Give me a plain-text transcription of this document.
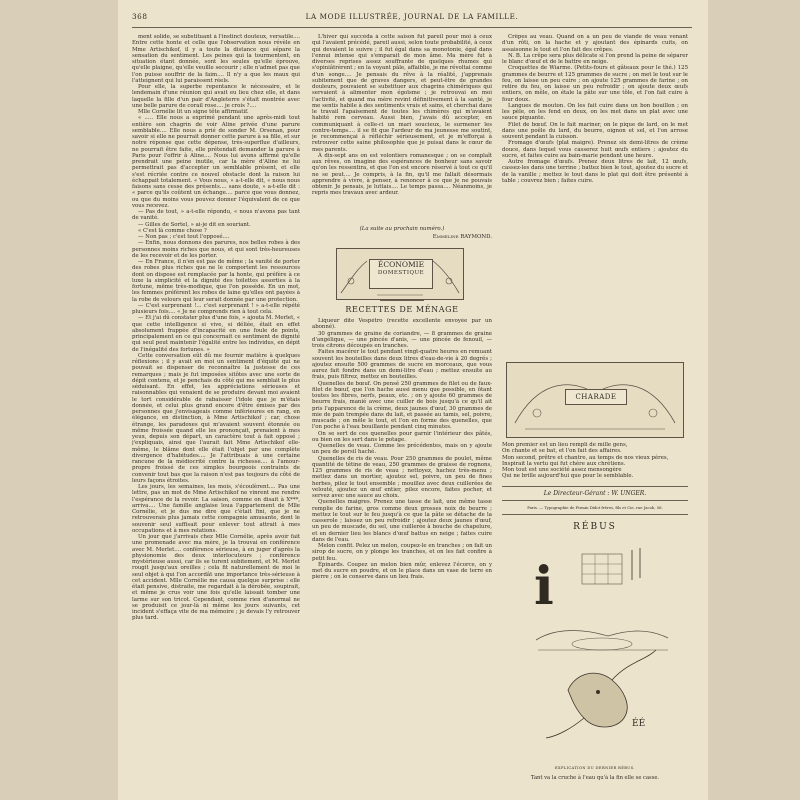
368	LA MODE ILLUSTRÉE, JOURNAL DE LA FAMILLE.

ment solide, se substituant à l'instinct douteux, versatile.... Entre cette honte et celle que l'observation nous révèle en Mme Artischikof, il y a toute la distance qui sépare la sensation du sentiment. Les peines qui la tourmentent, en situation étant donnée, sont les seules qu'elle éprouve, qu'elle plaigne, qu'elle veuille secourir ; elle n'admet pas que l'on puisse souffrir de la faim.... Il n'y a que les maux qui l'atteignent qui lui paraissent réels.

Pour elle, la superbe repentance le nécessaire, et le lendemain d'une réunion qui avait eu lieu chez elle, et dans laquelle la fille d'un pair d'Angleterre s'était montrée avec une belle parure de corail rose.... je crois ?....

Mlle Cornélie lit un signe tête affirmatif.

« ..... Elle nous a exprimé pendant une après-midi tout entière son chagrin de voir Aline privée d'une parure semblable.... Elle nous a prié de sonder M. Orsenan, pour savoir si elle ne pourrait donner cette parure à sa fille, et sur notre réponse que cette dépense, très-superflue d'ailleurs, ne pourrait être faite, elle prétendait demander la parure à Paris pour l'offrir à Aline.... Nous lui avons affirmé qu'elle prendrait une peine inutile, car la mère d'Aline ne lui permettrait pas d'accepter un semblable présent, et elle s'est récriée contre ce nouvel obstacle dont la raison lui échappait totalement. « Vous nous, » a-t-elle dit, « nous nous faisons sans cesse des présents.... sans doute, » a-t-elle dit : « parce qu'ils coûtent un échange.... parce que vous donnez, ou que du moins vous pouvez donner l'équivalent de ce que vous recevez.

— Pas de tout, » a-t-elle répondu, « nous n'avons pas tant de vanité.

— Gilles de Sortel, » ai-je dit en souriant.

« C'est là comme chose ?

— Non pas ; c'est tout l'opposé....

— Enfin, nous donnons des parures, nos belles robes à des personnes moins riches que nous, et qui sont très-heureuses de les recevoir et de les porter.

— En France, il n'en est pas de même ; la vanité de porter des robes plus riches que ne le comportent les ressources dont on dispose est remplacée par la honte, qui préfère à ce luxe la simplicité et la dignité des toilettes assorties à la fortune, même très-modique, que l'on possède. En un mot, les femmes préfèrent les robes de laine qu'elles ont payées à la robe de velours qui leur serait donnée par une protection.

— C'est surprenant !... c'est surprenant ! » a-t-elle répété plusieurs fois.... « Je ne comprends rien à tout cela.

— Et j'ai dû constater plus d'une fois, » ajouta M. Merlet, « que cette intelligence si vive, si déliée, était en effet absolument frappée d'incapacité en une foule de points, principalement en ce qui concernait ce sentiment de dignité qui seul peut maintenir l'égalité entre les individus, en dépit de l'inégalité des fortunes. »

Cette conversation eût dû me fournir matière à quelques réflexions ; il y avait en moi un sentiment d'équité qui ne pouvait se dispenser de reconnaître la justesse de ces remarques ; mais je fut imposées sitôtes avec une sorte de dépit contenu, et je penchais du côté qui me semblait le plus séduisant. En effet, les appréciations sérieuses et raisonnables qui venaient de se produire devant moi avaient le tort considérable de rabaisser l'idole que je m'étais donnée, et celui plus grand encore d'être émises par des personnes que j'envisageais comme inférieures en rang, en élégance, en distinction, à Mme Artischikof ; car, chose étrange, les paradoxes qui m'avaient souvent étonnée ou même froissée quand elle les prononçait, prenaient à mes yeux, depuis son départ, un caractère tout à fait opposé ; j'expliquais, ainsi que l'aurait fait Mme Artischikof elle-même, le blâme dont elle était l'objet par une complète divergence d'habitudes.... Je l'attribuais à une certaine rancune de la médiocrité contre la richesse.... à l'amour-propre froissé de ces simples bourgeois contraints de convenir tout bas que la raison n'est pas toujours du côté de leurs façons étroites.

Les jours, les semaines, les mois, s'écoulèrent.... Pas une lettre, pas un mot de Mme Artischikof ne vinrent me rendre l'espérance de la revoir. La saison, comme on disait à X***, arriva.... Une famille anglaise loua l'appartement de Mlle Cornélie, et je dus me dire que c'était fini, que je ne retrouverais plus jamais cette compagnie amusante, dont le souvenir seul suffisait pour enlever tout attrait à mes occupations et à mes relations.

Un jour que j'arrivais chez Mlle Cornélie, après avoir fait une promenade avec ma mère, je la trouvai en conférence avec M. Merlet.... conférence sérieuse, à en juger d'après la physionomie des deux interlocuteurs ; conférence mystérieuse aussi, car ils se turent subitement, et M. Merlet rougit jusqu'aux oreilles ; cela fit naturellement de moi le seul objet à qui l'on accordât une importance très-sérieuse à cet accident. Mlle Cornélie me causa quelque surprise : elle était pensive, distraite, me regardait à la dérobée, soupirait, et même je crus voir une fois qu'elle laissait tomber une larme sur son tricot. Cependant, comme rien d'anormal ne se produisit ce jour-là ni même les jours suivants, cet incident s'effaça vite de ma mémoire ; je devais l'y retrouver plus tard.

L'hiver qui succéda à cette saison fut pareil pour moi à ceux qui l'avaient précédé, pareil aussi, selon toute probabilité, à ceux qui devaient le suivre ; il fut égal dans sa monotonie, égal dans l'ennui intense qui s'emparait de mon âme. Ma mère fut à diverses reprises assez souffrante de quelques rhumes qui s'opiniâtrèrent ; en la voyant pâle, affaiblie, je me révoltai comme d'un songe.... Je pensais du rêve à la réalité, j'apprenais subitement que de graves dangers, et peut-être de grandes douleurs, pouvaient se substituer aux chagrins chimériques qui servaient à alimenter mon égoïsme ; je retrouvai en moi l'activité, et quand ma mère revint définitivement à la santé, je me sentis habile à des sentiments vrais et sains, et cherchai dans le travail l'apaisement de toutes les chimères qui m'avaient habité rem cerveau. Aussi bien, j'avais dû accepter, en communiquant à celle-ci un mari soucieux, le surmener les contre-temps.... il se fit que l'ardeur de ma jeunesse me soutint, je recommençai à réfléchir sérieusement, et je m'efforçai à retrouver cette saine philosophie que je puisai dans le cœur de mes parents.

À dix-sept ans on est volontiers romanesque ; on se complaît aux rêves, on imagine des espérances de bonheur sans savoir qu'on les ressentira, et que l'on est encore réservé à tout ce qu'il ne se peut.... Je compris, à la fin, qu'il me fallait désormais apprendre à vivre, à penser, à renoncer à ce que je ne pouvais obtenir. Je pensais, je luttais.... Le temps passa.... Néanmoins, je repris mes travaux avec ardeur.

(La suite au prochain numéro.)
Emmeline RAYMOND.
ÉCONOMIE
DOMESTIQUE
RECETTES DE MÉNAGE

Liqueur dite Vespétro (recette excellente envoyée par un abonné).

30 grammes de graine de coriandre, — 8 grammes de graine d'angélique, — une pincée d'anis, — une pincée de fenouil, — trois citrons découpés en tranches.

Faites macérer le tout pendant vingt-quatre heures en remuant souvent les bouteilles dans deux litres d'eau-de-vie à 20 degrés ; ajoutez ensuite 500 grammes de sucre en morceaux, que vous aurez fait fondre dans un demi-litre d'eau ; mettez ensuite au frais, puis filtrez, mettez en bouteilles.

Quenelles de bœuf. On pensé 250 grammes de filet ou de faux-filet de bœuf, que l'on hache aussi menu que possible, en ôtant toutes les fibres, nerfs, peaux, etc. ; on y ajoute 60 grammes de beurre frais, manié avec une cuiller de bois jusqu'à ce qu'il ait pris l'apparence de la crème, deux jaunes d'œuf, 30 grammes de mie de pain trempée dans du lait, et passée au tamis, sel, poivre, muscade ; on mêle le tout, et l'on en forme des quenelles, que l'on poche à l'eau bouillante pendant cinq minutes.

On se sert de ces quenelles pour garnir l'intérieur des pâtés, ou bien on les sert dans le potage.

Quenelles de veau. Comme les précédentes, mais on y ajoute un peu de persil haché.

Quenelles de ris de veau. Pour 250 grammes de poulet, même quantité de tétine de veau, 250 grammes de graisse de rognons, 125 grammes de ris de veau ; nettoyez, hachez très-menu ; mettez dans un mortier, ajoutez sel, poivre, un peu de fines herbes, pilez le tout ensemble ; mouillez avec deux cuillerées de velouté, ajoutez un œuf entier, pilez encore, faites pocher, et servez avec une sauce au choix.

Quenelles maigres. Prenez une tasse de lait, une même tasse remplie de farine, gros comme deux grosses noix de beurre ; mettez le tout sur le feu jusqu'à ce que la pâte se détache de la casserole ; laissez un peu refroidir ; ajoutez deux jaunes d'œuf, un peu de muscade, du sel, une cuillerée à bouche de chapelure, et en dernier lieu les blancs d'œuf battus en neige ; faites cuire dans de l'eau.

Melon confit. Pelez un melon, coupez-le en tranches ; on fait un sirop de sucre, on y plonge les tranches, et on les fait confire à petit feu.

Épinards. Coupez un melon bien mûr, enlevez l'écorce, on y met du sucre en poudre, et on le place dans un vase de terre en pierre ; on le conserve dans un lieu frais.

Crêpes au veau. Quand on a un peu de viande de veau venant d'un rôti, on la hache et y ajoutant des épinards cuits, on assaisonne le tout et l'on fait des crêpes.

N. B. La crêpe sera plus délicate si l'on prend la peine de séparer le blanc d'œuf et de le battre en neige.

Croquettes de Wiarme. (Petits-fours et gâteaux pour le thé.) 125 grammes de beurre et 125 grammes de sucre ; on met le tout sur le feu, on laisse un peu cuire ; on ajoute 125 grammes de farine ; on retire du feu, on laisse un peu refroidir ; on ajoute deux œufs entiers, on mêle, on étale la pâte sur une tôle, et l'on fait cuire à four doux.

Langues de mouton. On les fait cuire dans un bon bouillon ; on les pèle, on les fend en deux, on les met dans un plat avec une sauce piquante.

Filet de bœuf. On le fait mariner, on le pique de lard, on le met dans une poêle du lard, du beurre, oignon et sel, et l'on arrose souvent pendant la cuisson.

Fromage d'œufs (plat maigre). Prenez six demi-litres de crème douce, dans lequel vous casserez huit œufs entiers ; ajoutez du sucre, et faites cuire au bain-marie pendant une heure.

Autre fromage d'œufs. Prenez deux litres de lait, 12 œufs, cassez-les dans une terrine ; battez bien le tout, ajoutez du sucre et de la vanille ; mettez le tout dans le plat qui doit être présenté à table ; couvrez bien ; faites cuire.

CHARADE
Mon premier est un lieu rempli de mille gens,
On chante et se bat, et l'on fait des affaires.
Mon second, prêtre et chantre, au temps de nos vieux pères,
Inspirait la vertu qui fut chère aux chrétiens.
Mon tout est une société assez mensongère
Qui ne brille aujourd'hui que pour le semblable.
Le Directeur-Gérant : W. UNGER.
Paris. — Typographie de Firmin Didot frères, fils et Cie, rue Jacob, 56.
RÉBUS
i
ÉÉ
EXPLICATION DU DERNIER RÉBUS.
Tant va la cruche à l'eau qu'à la fin elle se casse.
